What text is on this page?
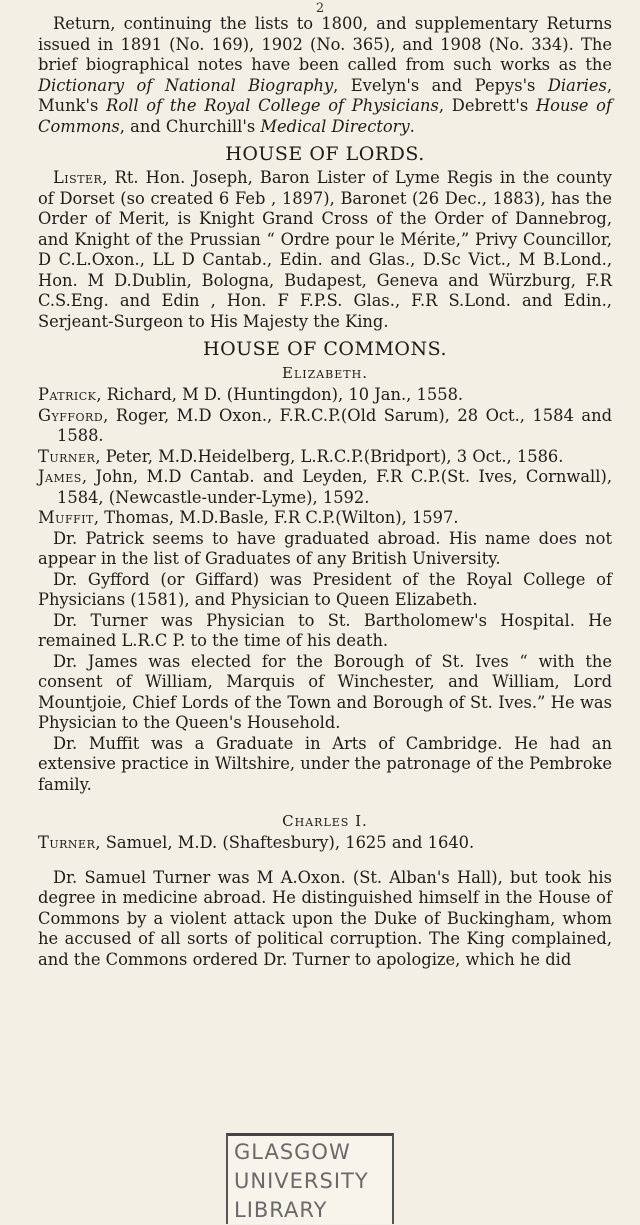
2

Return, continuing the lists to 1800, and supplementary Returns issued in 1891 (No. 169), 1902 (No. 365), and 1908 (No. 334). The brief biographical notes have been called from such works as the Dictionary of National Biography, Evelyn's and Pepys's Diaries, Munk's Roll of the Royal College of Physicians, Debrett's House of Commons, and Churchill's Medical Directory.

HOUSE OF LORDS.

Lister, Rt. Hon. Joseph, Baron Lister of Lyme Regis in the county of Dorset (so created 6 Feb , 1897), Baronet (26 Dec., 1883), has the Order of Merit, is Knight Grand Cross of the Order of Dannebrog, and Knight of the Prussian “ Ordre pour le Mérite,” Privy Councillor, D C.L.Oxon., LL D Cantab., Edin. and Glas., D.Sc Vict., M B.Lond., Hon. M D.Dublin, Bologna, Budapest, Geneva and Würzburg, F.R C.S.Eng. and Edin , Hon. F F.P.S. Glas., F.R S.Lond. and Edin., Serjeant-Surgeon to His Majesty the King.

HOUSE OF COMMONS.
Elizabeth.

Patrick, Richard, M D. (Huntingdon), 10 Jan., 1558.

Gyfford, Roger, M.D Oxon., F.R.C.P.(Old Sarum), 28 Oct., 1584 and 1588.

Turner, Peter, M.D.Heidelberg, L.R.C.P.(Bridport), 3 Oct., 1586.

James, John, M.D Cantab. and Leyden, F.R C.P.(St. Ives, Cornwall), 1584, (Newcastle-under-Lyme), 1592.

Muffit, Thomas, M.D.Basle, F.R C.P.(Wilton), 1597.

Dr. Patrick seems to have graduated abroad. His name does not appear in the list of Graduates of any British University.

Dr. Gyfford (or Giffard) was President of the Royal College of Physicians (1581), and Physician to Queen Elizabeth.

Dr. Turner was Physician to St. Bartholomew's Hospital. He remained L.R.C P. to the time of his death.

Dr. James was elected for the Borough of St. Ives “ with the consent of William, Marquis of Winchester, and William, Lord Mountjoie, Chief Lords of the Town and Borough of St. Ives.” He was Physician to the Queen's Household.

Dr. Muffit was a Graduate in Arts of Cambridge. He had an extensive practice in Wiltshire, under the patronage of the Pembroke family.

Charles I.

Turner, Samuel, M.D. (Shaftesbury), 1625 and 1640.

Dr. Samuel Turner was M A.Oxon. (St. Alban's Hall), but took his degree in medicine abroad. He distinguished himself in the House of Commons by a violent attack upon the Duke of Buckingham, whom he accused of all sorts of political corruption. The King complained, and the Commons ordered Dr. Turner to apologize, which he did

GLASGOW
UNIVERSITY
LIBRARY
